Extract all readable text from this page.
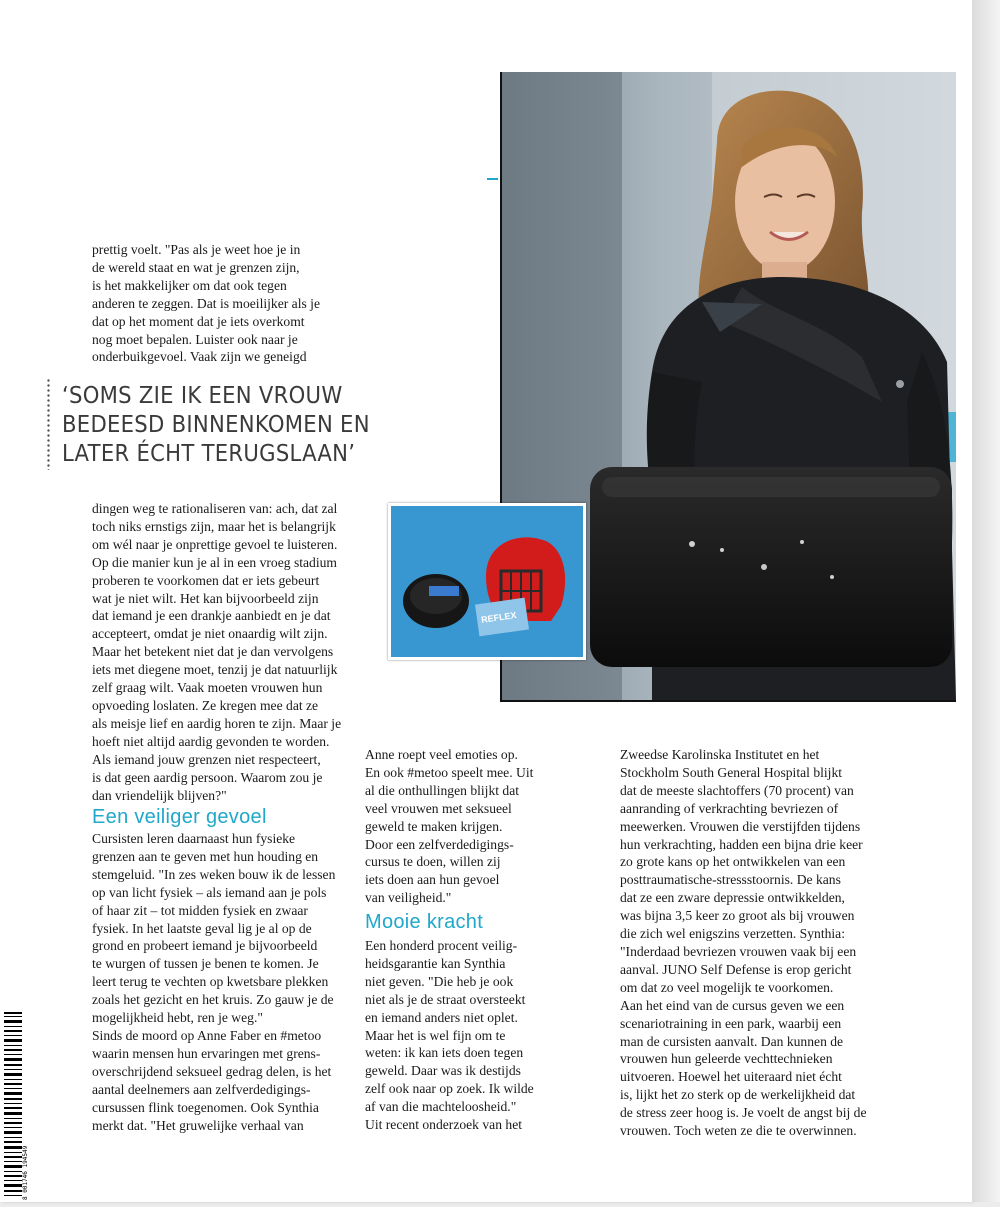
prettig voelt. "Pas als je weet hoe je in
de wereld staat en wat je grenzen zijn,
is het makkelijker om dat ook tegen
anderen te zeggen. Dat is moeilijker als je
dat op het moment dat je iets overkomt
nog moet bepalen. Luister ook naar je
onderbuikgevoel. Vaak zijn we geneigd

‘SOMS ZIE IK EEN VROUW
BEDEESD BINNENKOMEN EN
LATER ÉCHT TERUGSLAAN’

dingen weg te rationaliseren van: ach, dat zal
toch niks ernstigs zijn, maar het is belangrijk
om wél naar je onprettige gevoel te luisteren.
Op die manier kun je al in een vroeg stadium
proberen te voorkomen dat er iets gebeurt
wat je niet wilt. Het kan bijvoorbeeld zijn
dat iemand je een drankje aanbiedt en je dat
accepteert, omdat je niet onaardig wilt zijn.
Maar het betekent niet dat je dan vervolgens
iets met diegene moet, tenzij je dat natuurlijk
zelf graag wilt. Vaak moeten vrouwen hun
opvoeding loslaten. Ze kregen mee dat ze
als meisje lief en aardig horen te zijn. Maar je
hoeft niet altijd aardig gevonden te worden.
Als iemand jouw grenzen niet respecteert,
is dat geen aardig persoon. Waarom zou je
dan vriendelijk blijven?"

Een veiliger gevoel

Cursisten leren daarnaast hun fysieke
grenzen aan te geven met hun houding en
stemgeluid. "In zes weken bouw ik de lessen
op van licht fysiek – als iemand aan je pols
of haar zit – tot midden fysiek en zwaar
fysiek. In het laatste geval lig je al op de
grond en probeert iemand je bijvoorbeeld
te wurgen of tussen je benen te komen. Je
leert terug te vechten op kwetsbare plekken
zoals het gezicht en het kruis. Zo gauw je de
mogelijkheid hebt, ren je weg."
Sinds de moord op Anne Faber en #metoo
waarin mensen hun ervaringen met grens-
overschrijdend seksueel gedrag delen, is het
aantal deelnemers aan zelfverdedigings-
cursussen flink toegenomen. Ook Synthia
merkt dat. "Het gruwelijke verhaal van

Anne roept veel emoties op.
En ook #metoo speelt mee. Uit
al die onthullingen blijkt dat
veel vrouwen met seksueel
geweld te maken krijgen.
Door een zelfverdedigings-
cursus te doen, willen zij
iets doen aan hun gevoel
van veiligheid."

Mooie kracht

Een honderd procent veilig-
heidsgarantie kan Synthia
niet geven. "Die heb je ook
niet als je de straat oversteekt
en iemand anders niet oplet.
Maar het is wel fijn om te
weten: ik kan iets doen tegen
geweld. Daar was ik destijds
zelf ook naar op zoek. Ik wilde
af van die machteloosheid."
Uit recent onderzoek van het

Zweedse Karolinska Institutet en het
Stockholm South General Hospital blijkt
dat de meeste slachtoffers (70 procent) van
aanranding of verkrachting bevriezen of
meewerken. Vrouwen die verstijfden tijdens
hun verkrachting, hadden een bijna drie keer
zo grote kans op het ontwikkelen van een
posttraumatische-stressstoornis. De kans
dat ze een zware depressie ontwikkelden,
was bijna 3,5 keer zo groot als bij vrouwen
die zich wel enigszins verzetten. Synthia:
"Inderdaad bevriezen vrouwen vaak bij een
aanval. JUNO Self Defense is erop gericht
om dat zo veel mogelijk te voorkomen.
Aan het eind van de cursus geven we een
scenariotraining in een park, waarbij een
man de cursisten aanvalt. Dan kunnen de
vrouwen hun geleerde vechttechnieken
uitvoeren. Hoewel het uiteraard niet écht
is, lijkt het zo sterk op de werkelijkheid dat
de stress zeer hoog is. Je voelt de angst bij de
vrouwen. Toch weten ze die te overwinnen.

REFLEX
8 001746 194549
